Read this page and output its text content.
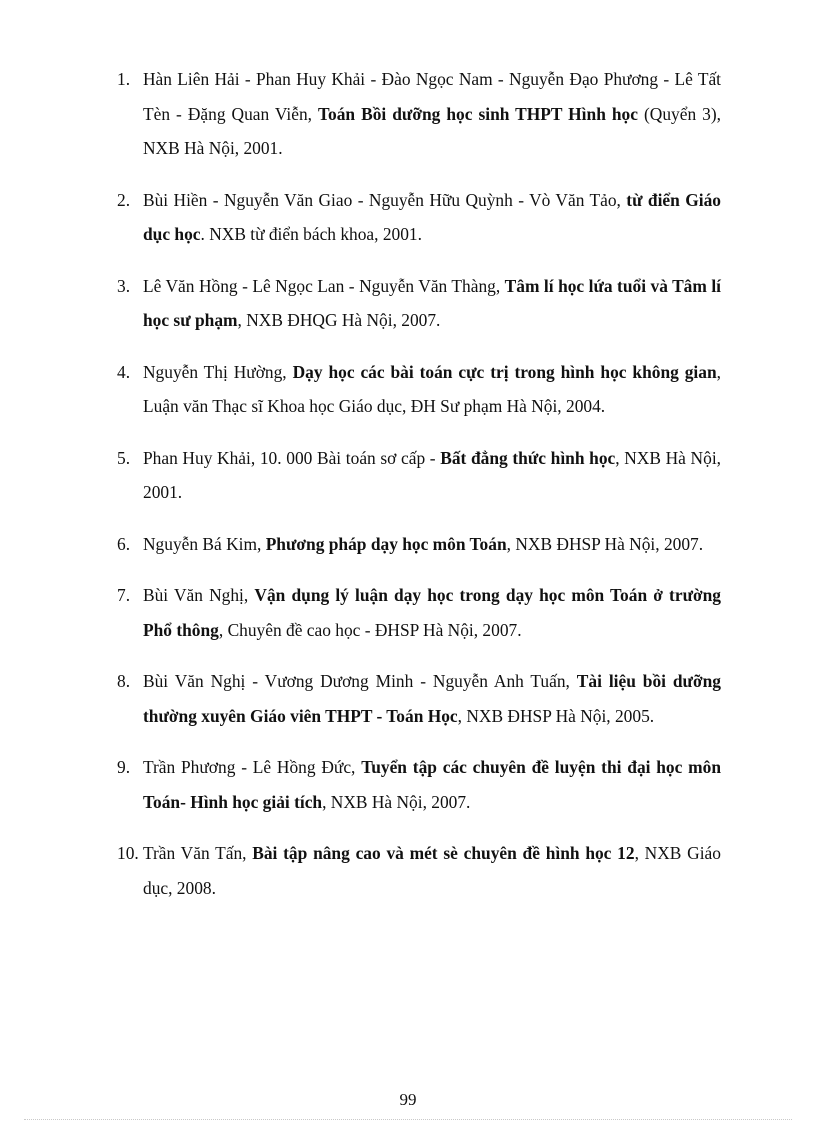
1. Hàn Liên Hải - Phan Huy Khải - Đào Ngọc Nam - Nguyễn Đạo Phương - Lê Tất Tèn - Đặng Quan Viễn, Toán Bồi dưỡng học sinh THPT Hình học (Quyển 3), NXB Hà Nội, 2001.
2. Bùi Hiền - Nguyễn Văn Giao - Nguyễn Hữu Quỳnh - Vò Văn Tảo, từ điển Giáo dục học. NXB từ điển bách khoa, 2001.
3. Lê Văn Hồng - Lê Ngọc Lan - Nguyễn Văn Thàng, Tâm lí học lứa tuổi và Tâm lí học sư phạm, NXB ĐHQG Hà Nội, 2007.
4. Nguyễn Thị Hường, Dạy học các bài toán cực trị trong hình học không gian, Luận văn Thạc sĩ Khoa học Giáo dục, ĐH Sư phạm Hà Nội, 2004.
5. Phan Huy Khải, 10. 000 Bài toán sơ cấp - Bất đẳng thức hình học, NXB Hà Nội, 2001.
6. Nguyễn Bá Kim, Phương pháp dạy học môn Toán, NXB ĐHSP Hà Nội, 2007.
7. Bùi Văn Nghị, Vận dụng lý luận dạy học trong dạy học môn Toán ở trường Phổ thông, Chuyên đề cao học - ĐHSP Hà Nội, 2007.
8. Bùi Văn Nghị - Vương Dương Minh - Nguyễn Anh Tuấn, Tài liệu bồi dưỡng thường xuyên Giáo viên THPT - Toán Học, NXB ĐHSP Hà Nội, 2005.
9. Trần Phương - Lê Hồng Đức, Tuyển tập các chuyên đề luyện thi đại học môn Toán- Hình học giải tích, NXB Hà Nội, 2007.
10. Trần Văn Tấn, Bài tập nâng cao và mét sè chuyên đề hình học 12, NXB Giáo dục, 2008.
99
